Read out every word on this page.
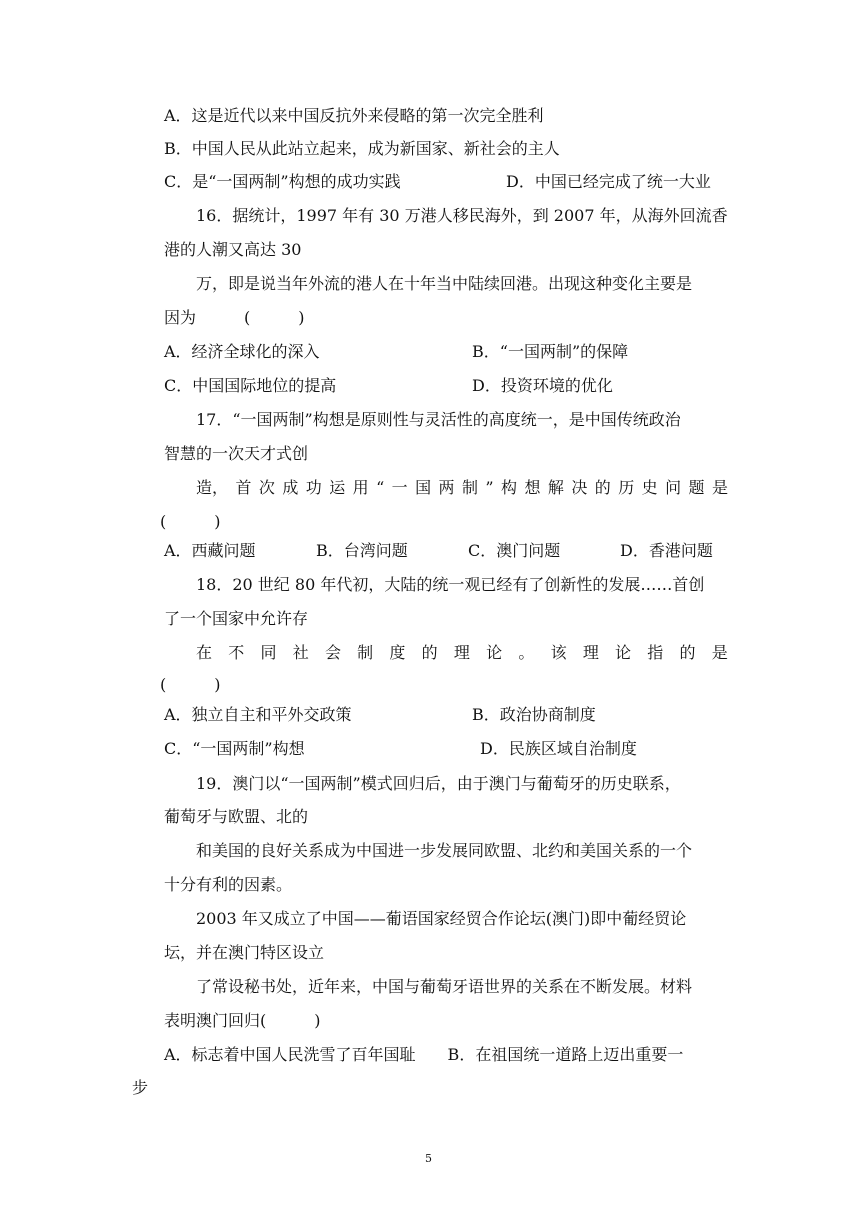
A．这是近代以来中国反抗外来侵略的第一次完全胜利
B．中国人民从此站立起来，成为新国家、新社会的主人
C．是“一国两制”构想的成功实践	D．中国已经完成了统一大业
16．据统计，1997 年有 30 万港人移民海外，到 2007 年，从海外回流香
港的人潮又高达 30
万，即是说当年外流的港人在十年当中陆续回港。出现这种变化主要是
因为　　　(　　　)
A．经济全球化的深入	B．“一国两制”的保障
C．中国国际地位的提高	D．投资环境的优化
17．“一国两制”构想是原则性与灵活性的高度统一，是中国传统政治
智慧的一次天才式创
造， 首 次 成 功 运 用 “ 一 国 两 制 ” 构 想 解 决 的 历 史 问 题 是
(　　　)
A．西藏问题	B．台湾问题	C．澳门问题	D．香港问题
18．20 世纪 80 年代初，大陆的统一观已经有了创新性的发展……首创
了一个国家中允许存
在 不 同 社 会 制 度 的 理 论 。 该 理 论 指 的 是
(　　　)
A．独立自主和平外交政策	B．政治协商制度
C．“一国两制”构想	D．民族区域自治制度
19．澳门以“一国两制”模式回归后，由于澳门与葡萄牙的历史联系，
葡萄牙与欧盟、北的
和美国的良好关系成为中国进一步发展同欧盟、北约和美国关系的一个
十分有利的因素。
2003 年又成立了中国——葡语国家经贸合作论坛(澳门)即中葡经贸论
坛，并在澳门特区设立
了常设秘书处，近年来，中国与葡萄牙语世界的关系在不断发展。材料
表明澳门回归(　　　)
A．标志着中国人民洗雪了百年国耻　　B．在祖国统一道路上迈出重要一
步
5
